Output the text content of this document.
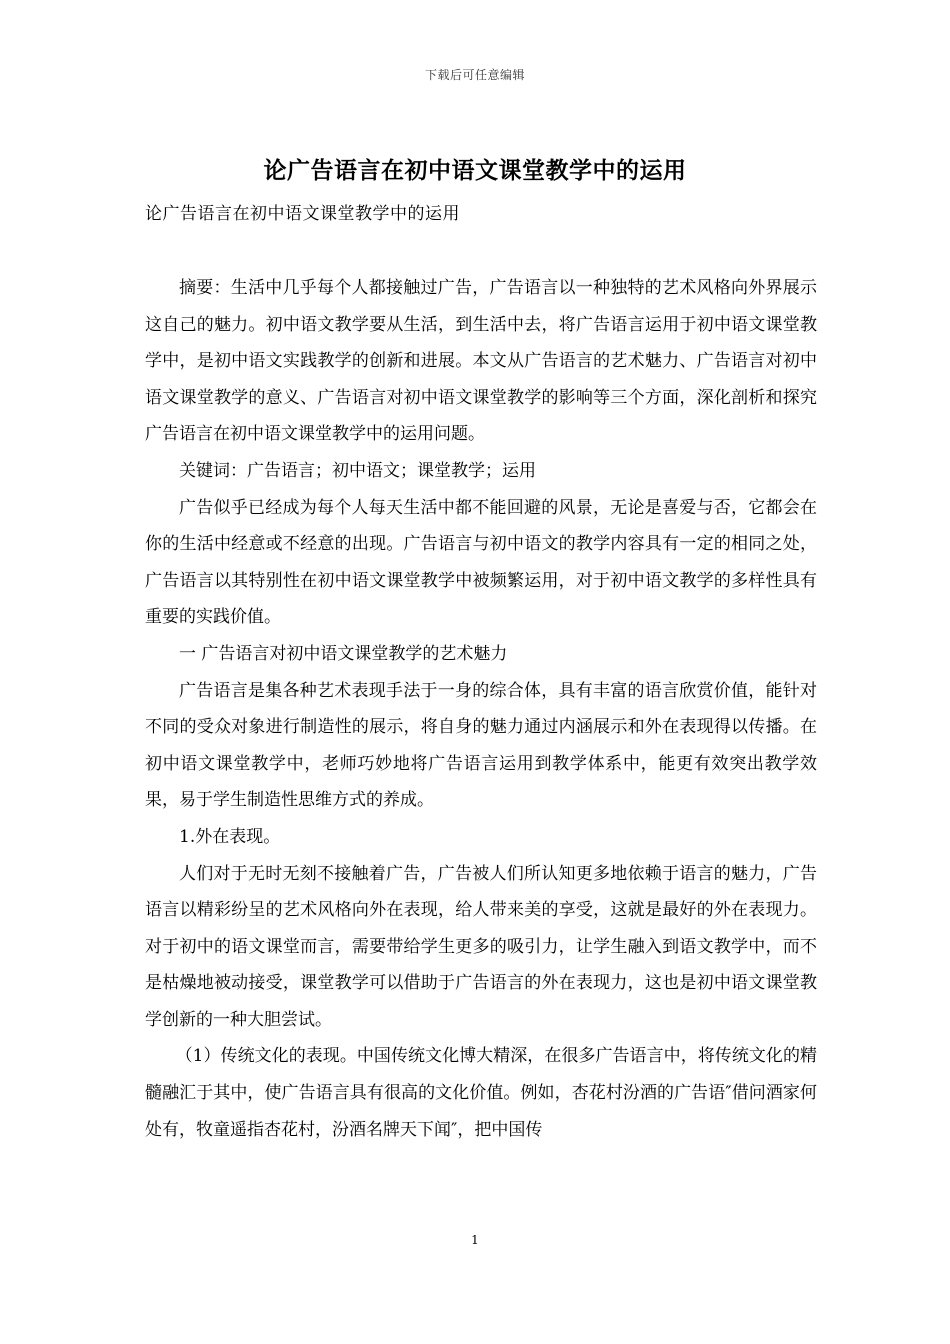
下载后可任意编辑
论广告语言在初中语文课堂教学中的运用
论广告语言在初中语文课堂教学中的运用

摘要：生活中几乎每个人都接触过广告，广告语言以一种独特的艺术风格向外界展示这自己的魅力。初中语文教学要从生活，到生活中去，将广告语言运用于初中语文课堂教学中，是初中语文实践教学的创新和进展。本文从广告语言的艺术魅力、广告语言对初中语文课堂教学的意义、广告语言对初中语文课堂教学的影响等三个方面，深化剖析和探究广告语言在初中语文课堂教学中的运用问题。

关键词：广告语言；初中语文；课堂教学；运用

广告似乎已经成为每个人每天生活中都不能回避的风景，无论是喜爱与否，它都会在你的生活中经意或不经意的出现。广告语言与初中语文的教学内容具有一定的相同之处，广告语言以其特别性在初中语文课堂教学中被频繁运用，对于初中语文教学的多样性具有重要的实践价值。

一 广告语言对初中语文课堂教学的艺术魅力

广告语言是集各种艺术表现手法于一身的综合体，具有丰富的语言欣赏价值，能针对不同的受众对象进行制造性的展示，将自身的魅力通过内涵展示和外在表现得以传播。在初中语文课堂教学中，老师巧妙地将广告语言运用到教学体系中，能更有效突出教学效果，易于学生制造性思维方式的养成。

1.外在表现。

人们对于无时无刻不接触着广告，广告被人们所认知更多地依赖于语言的魅力，广告语言以精彩纷呈的艺术风格向外在表现，给人带来美的享受，这就是最好的外在表现力。对于初中的语文课堂而言，需要带给学生更多的吸引力，让学生融入到语文教学中，而不是枯燥地被动接受，课堂教学可以借助于广告语言的外在表现力，这也是初中语文课堂教学创新的一种大胆尝试。

（1）传统文化的表现。中国传统文化博大精深，在很多广告语言中，将传统文化的精髓融汇于其中，使广告语言具有很高的文化价值。例如，杏花村汾酒的广告语″借问酒家何处有，牧童遥指杏花村，汾酒名牌天下闻″，把中国传

1
